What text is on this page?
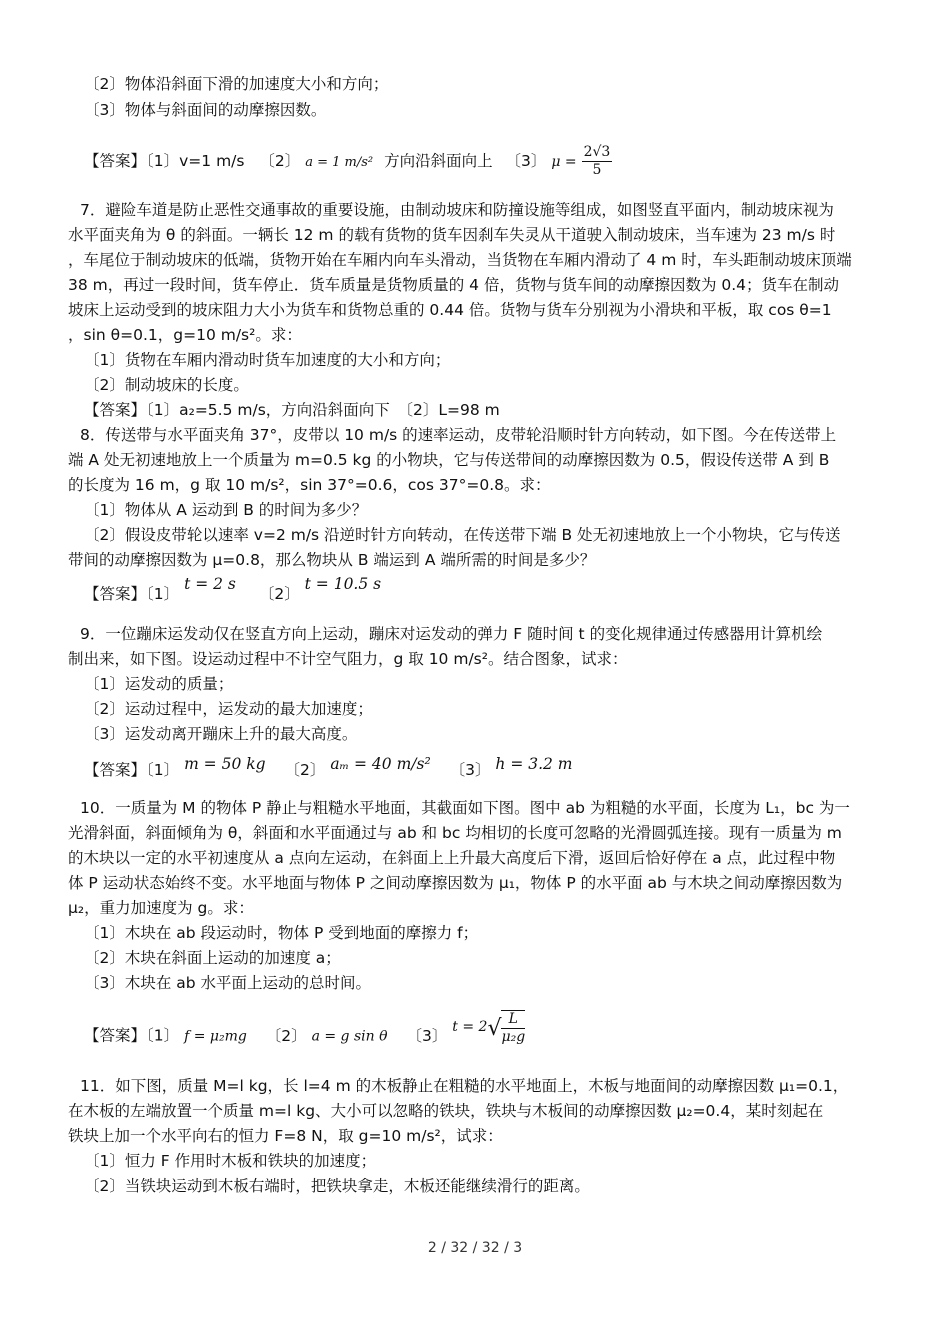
〔2〕物体沿斜面下滑的加速度大小和方向；
〔3〕物体与斜面间的动摩擦因数。
【答案】〔1〕v=1 m/s 〔2〕 a = 1 m/s² 方向沿斜面向上 〔3〕 $\mu = \frac{2√3}{5}$
7．避险车道是防止恶性交通事故的重要设施，由制动坡床和防撞设施等组成，如图竖直平面内，制动坡床视为
水平面夹角为 θ 的斜面。一辆长 12 m 的载有货物的货车因刹车失灵从干道驶入制动坡床，当车速为 23 m/s 时
，车尾位于制动坡床的低端，货物开始在车厢内向车头滑动，当货物在车厢内滑动了 4 m 时，车头距制动坡床顶端
38 m，再过一段时间，货车停止．货车质量是货物质量的 4 倍，货物与货车间的动摩擦因数为 0.4；货车在制动
坡床上运动受到的坡床阻力大小为货车和货物总重的 0.44 倍。货物与货车分别视为小滑块和平板，取 cos θ=1
，sin θ=0.1，g=10 m/s²。求：
〔1〕货物在车厢内滑动时货车加速度的大小和方向；
〔2〕制动坡床的长度。
【答案】〔1〕a₂=5.5 m/s，方向沿斜面向下　〔2〕L=98 m
8．传送带与水平面夹角 37°，皮带以 10 m/s 的速率运动，皮带轮沿顺时针方向转动，如下图。今在传送带上
端 A 处无初速地放上一个质量为 m=0.5 kg 的小物块，它与传送带间的动摩擦因数为 0.5，假设传送带 A 到 B
的长度为 16 m，g 取 10 m/s²，sin 37°=0.6，cos 37°=0.8。求：
〔1〕物体从 A 运动到 B 的时间为多少？
〔2〕假设皮带轮以速率 v=2 m/s 沿逆时针方向转动，在传送带下端 B 处无初速地放上一个小物块，它与传送
带间的动摩擦因数为 μ=0.8，那么物块从 B 端运到 A 端所需的时间是多少？
【答案】〔1〕 t = 2 s 〔2〕 t = 10.5 s
9．一位蹦床运发动仅在竖直方向上运动，蹦床对运发动的弹力 F 随时间 t 的变化规律通过传感器用计算机绘
制出来，如下图。设运动过程中不计空气阻力，g 取 10 m/s²。结合图象，试求：
〔1〕运发动的质量；
〔2〕运动过程中，运发动的最大加速度；
〔3〕运发动离开蹦床上升的最大高度。
【答案】〔1〕 m = 50 kg 〔2〕 aₘ = 40 m/s² 〔3〕 h = 3.2 m
10．一质量为 M 的物体 P 静止与粗糙水平地面，其截面如下图。图中 ab 为粗糙的水平面，长度为 L₁，bc 为一
光滑斜面，斜面倾角为 θ，斜面和水平面通过与 ab 和 bc 均相切的长度可忽略的光滑圆弧连接。现有一质量为 m
的木块以一定的水平初速度从 a 点向左运动，在斜面上上升最大高度后下滑，返回后恰好停在 a 点，此过程中物
体 P 运动状态始终不变。水平地面与物体 P 之间动摩擦因数为 μ₁，物体 P 的水平面 ab 与木块之间动摩擦因数为
μ₂，重力加速度为 g。求：
〔1〕木块在 ab 段运动时，物体 P 受到地面的摩擦力 f；
〔2〕木块在斜面上运动的加速度 a；
〔3〕木块在 ab 水平面上运动的总时间。
【答案】〔1〕 f = μ₂mg 〔2〕 a = g sin θ 〔3〕 $t = 2√ \frac{L}{\text{μ₂g}}$
11．如下图，质量 M=l kg，长 l=4 m 的木板静止在粗糙的水平地面上，木板与地面间的动摩擦因数 μ₁=0.1，
在木板的左端放置一个质量 m=l kg、大小可以忽略的铁块，铁块与木板间的动摩擦因数 μ₂=0.4，某时刻起在
铁块上加一个水平向右的恒力 F=8 N，取 g=10 m/s²，试求：
〔1〕恒力 F 作用时木板和铁块的加速度；
〔2〕当铁块运动到木板右端时，把铁块拿走，木板还能继续滑行的距离。
2 / 32 / 32 / 3
